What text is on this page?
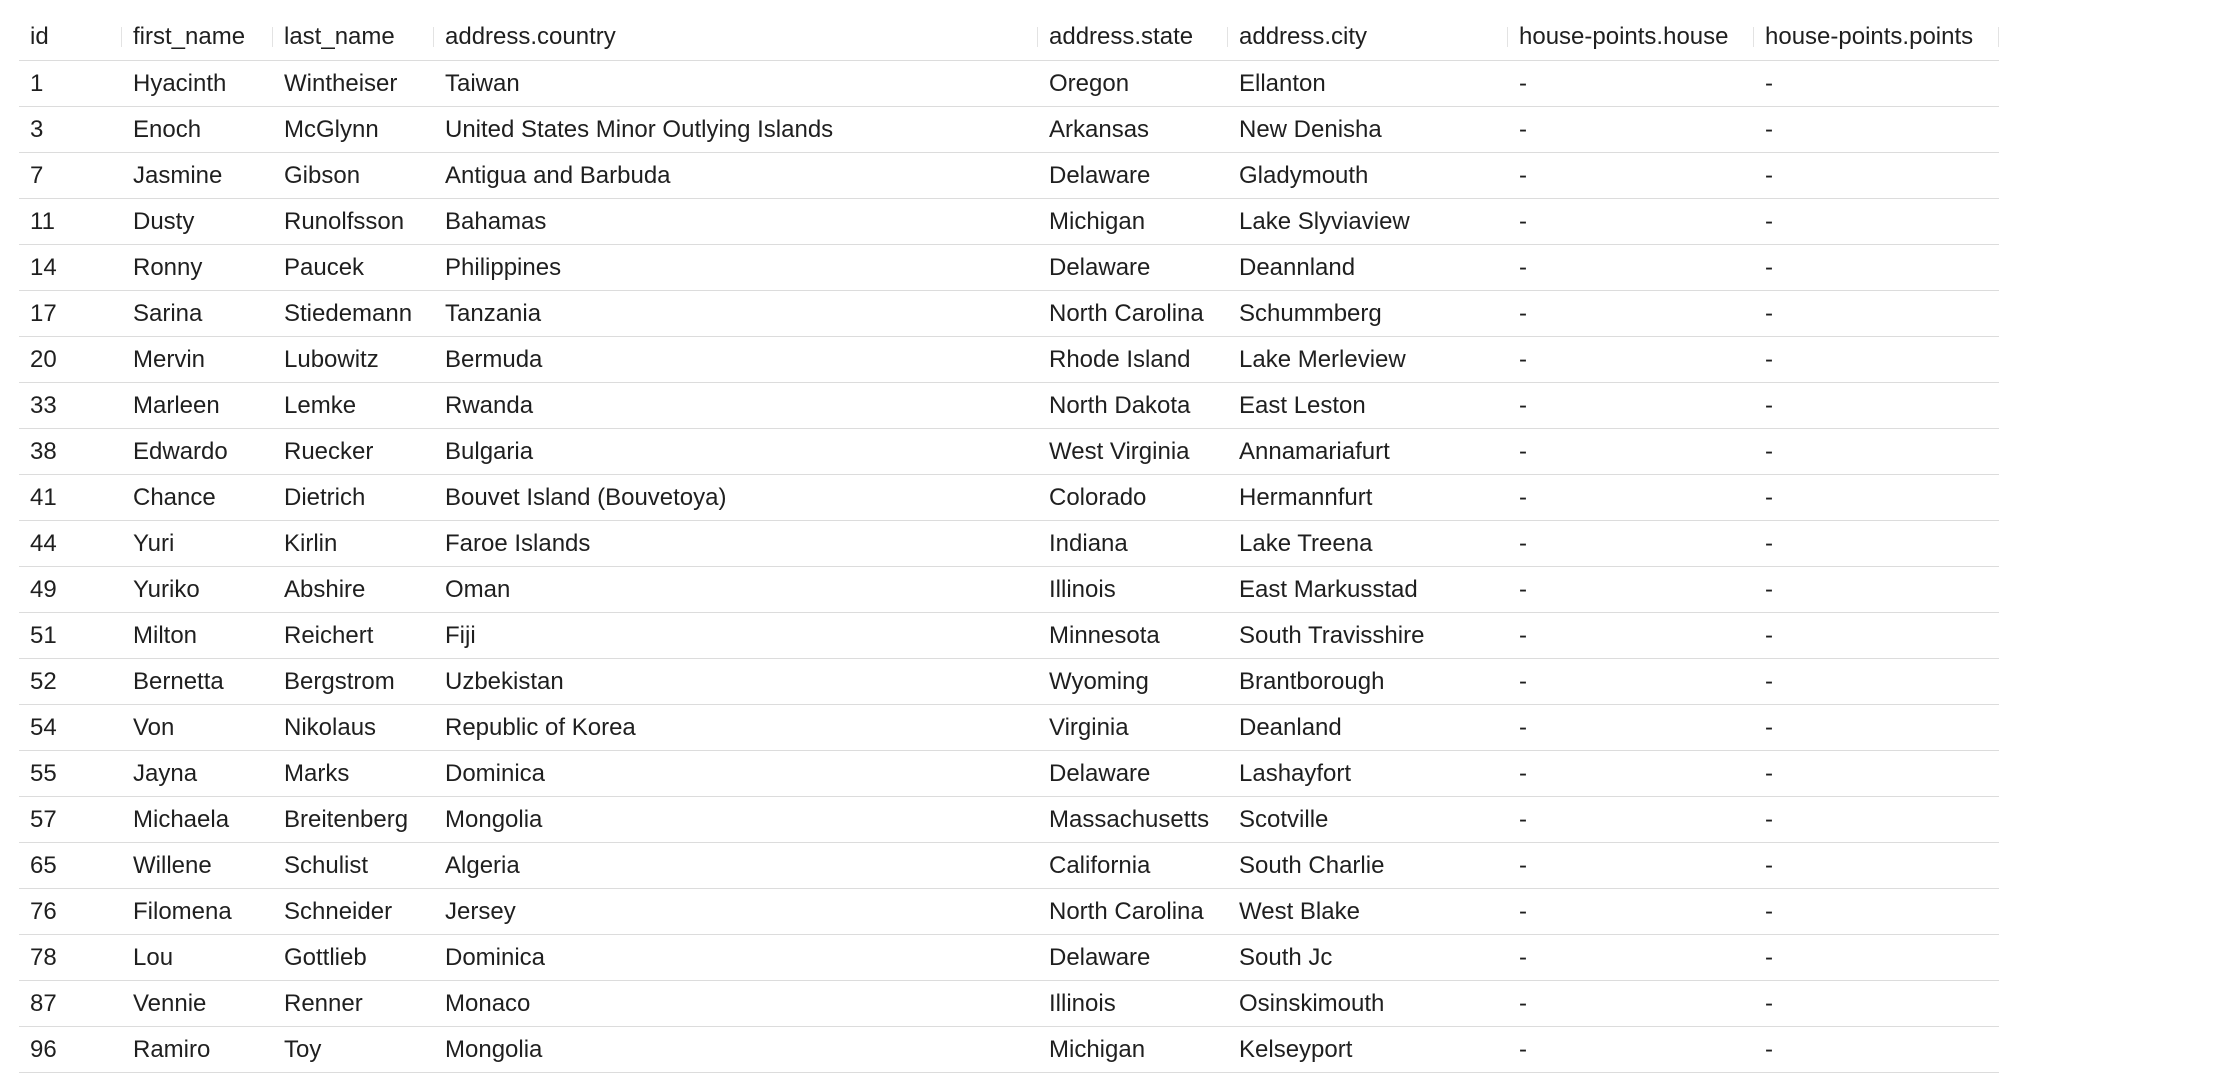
id	first_name	last_name	address.country	address.state	address.city	house-points.house	house-points.points

1	Hyacinth	Wintheiser	Taiwan	Oregon	Ellanton	-	-
3	Enoch	McGlynn	United States Minor Outlying Islands	Arkansas	New Denisha	-	-
7	Jasmine	Gibson	Antigua and Barbuda	Delaware	Gladymouth	-	-
11	Dusty	Runolfsson	Bahamas	Michigan	Lake Slyviaview	-	-
14	Ronny	Paucek	Philippines	Delaware	Deannland	-	-
17	Sarina	Stiedemann	Tanzania	North Carolina	Schummberg	-	-
20	Mervin	Lubowitz	Bermuda	Rhode Island	Lake Merleview	-	-
33	Marleen	Lemke	Rwanda	North Dakota	East Leston	-	-
38	Edwardo	Ruecker	Bulgaria	West Virginia	Annamariafurt	-	-
41	Chance	Dietrich	Bouvet Island (Bouvetoya)	Colorado	Hermannfurt	-	-
44	Yuri	Kirlin	Faroe Islands	Indiana	Lake Treena	-	-
49	Yuriko	Abshire	Oman	Illinois	East Markusstad	-	-
51	Milton	Reichert	Fiji	Minnesota	South Travisshire	-	-
52	Bernetta	Bergstrom	Uzbekistan	Wyoming	Brantborough	-	-
54	Von	Nikolaus	Republic of Korea	Virginia	Deanland	-	-
55	Jayna	Marks	Dominica	Delaware	Lashayfort	-	-
57	Michaela	Breitenberg	Mongolia	Massachusetts	Scotville	-	-
65	Willene	Schulist	Algeria	California	South Charlie	-	-
76	Filomena	Schneider	Jersey	North Carolina	West Blake	-	-
78	Lou	Gottlieb	Dominica	Delaware	South Jc	-	-
87	Vennie	Renner	Monaco	Illinois	Osinskimouth	-	-
96	Ramiro	Toy	Mongolia	Michigan	Kelseyport	-	-
